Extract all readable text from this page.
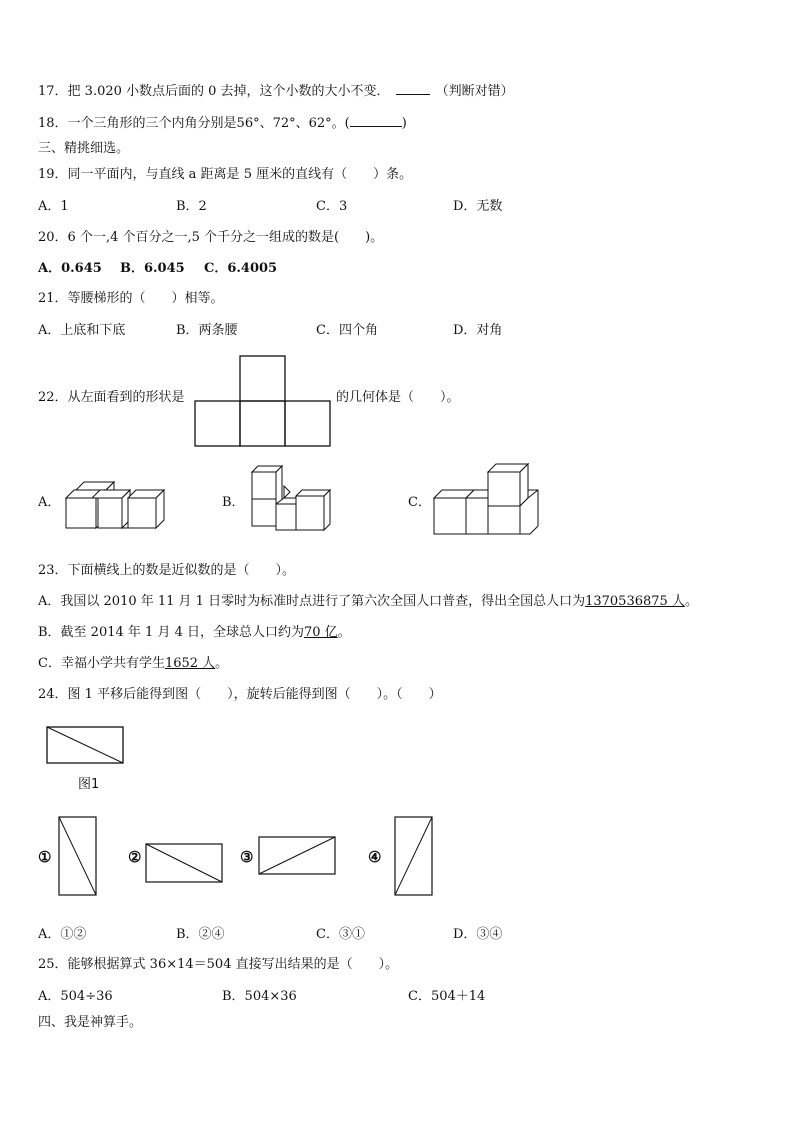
17．把 3.020 小数点后面的 0 去掉，这个小数的大小不变．	（判断对错）
18．一个三角形的三个内角分别是56°、72°、62°。(	)
三、精挑细选。
19．同一平面内，与直线 a 距离是 5 厘米的直线有（　　）条。
A．1	B．2	C．3	D．无数
20．6 个一,4 个百分之一,5 个千分之一组成的数是(　　)。
A．0.645 B．6.045 C．6.4005
21．等腰梯形的（　　）相等。
A．上底和下底	B．两条腰	C．四个角	D．对角
22．从左面看到的形状是	的几何体是（　　）。
A．	B．	C．
23．下面横线上的数是近似数的是（　　）。
A．我国以 2010 年 11 月 1 日零时为标准时点进行了第六次全国人口普查，得出全国总人口为1370536875 人。
B．截至 2014 年 1 月 4 日，全球总人口约为70 亿。
C．幸福小学共有学生1652 人。
24．图 1 平移后能得到图（　　），旋转后能得到图（　　）。（　　）
图1
①	②	③	④
A．①②	B．②④	C．③①	D．③④
25．能够根据算式 36×14＝504 直接写出结果的是（　　）。
A．504÷36	B．504×36	C．504＋14
四、我是神算手。
